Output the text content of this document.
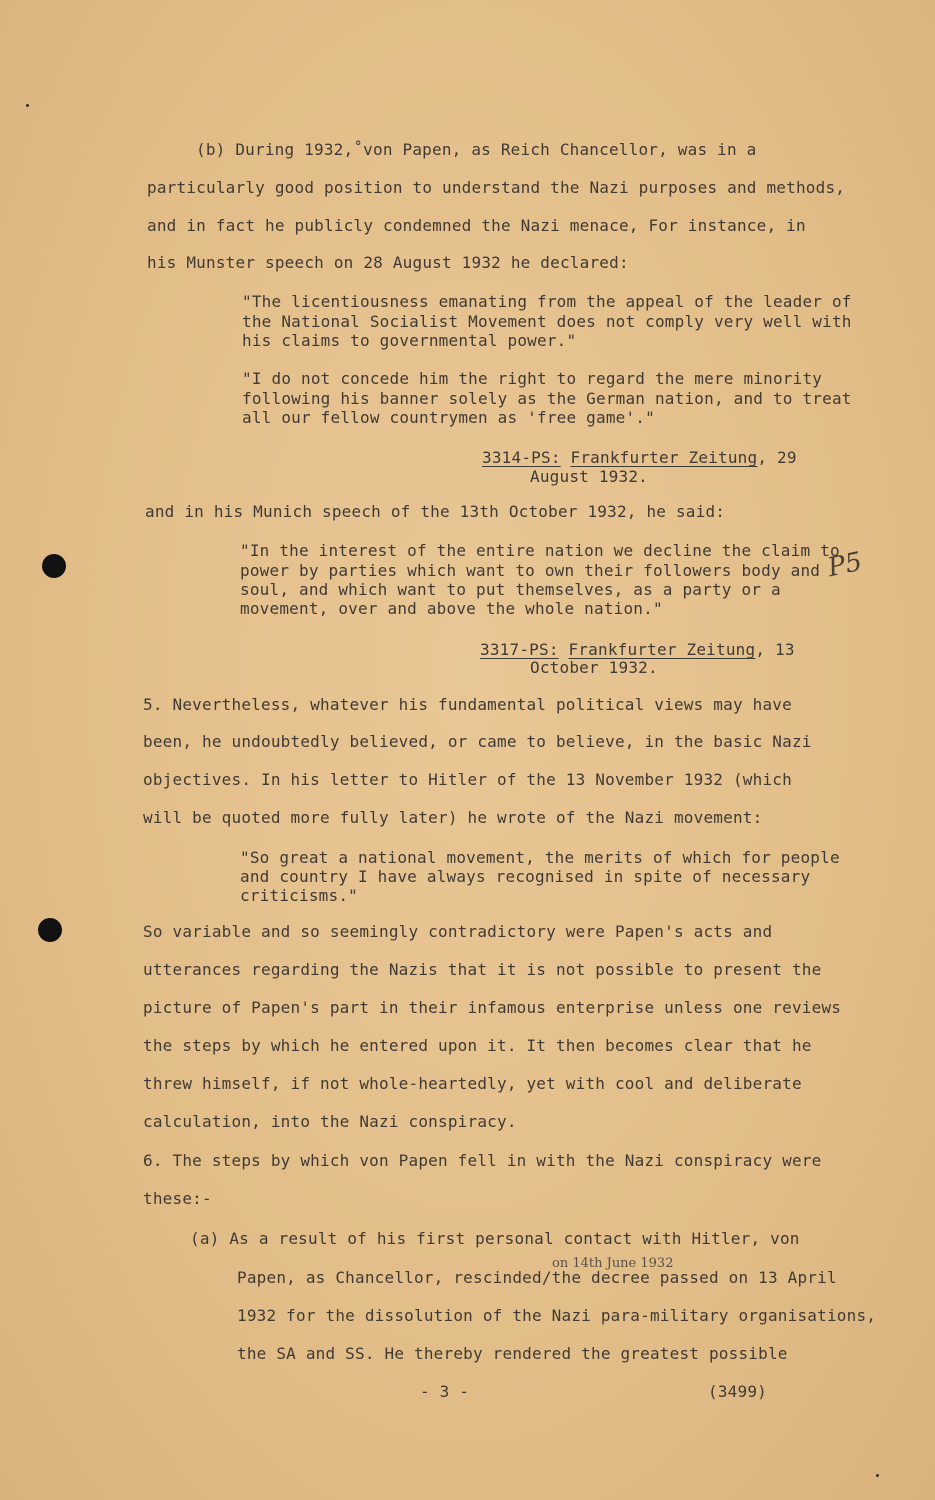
(b) During 1932,˚von Papen, as Reich Chancellor, was in a
particularly good position to understand the Nazi purposes and methods,
and in fact he publicly condemned the Nazi menace, For instance, in
his Munster speech on 28 August 1932 he declared:
"The licentiousness emanating from the appeal of the leader of
the National Socialist Movement does not comply very well with
his claims to governmental power."
"I do not concede him the right to regard the mere minority
following his banner solely as the German nation, and to treat
all our fellow countrymen as 'free game'."
3314-PS: Frankfurter Zeitung, 29
August 1932.
and in his Munich speech of the 13th October 1932, he said:
"In the interest of the entire nation we decline the claim to
power by parties which want to own their followers body and
soul, and which want to put themselves, as a party or a
movement, over and above the whole nation."
P5
3317-PS: Frankfurter Zeitung, 13
October 1932.
5. Nevertheless, whatever his fundamental political views may have
been, he undoubtedly believed, or came to believe, in the basic Nazi
objectives. In his letter to Hitler of the 13 November 1932 (which
will be quoted more fully later) he wrote of the Nazi movement:
"So great a national movement, the merits of which for people
and country I have always recognised in spite of necessary
criticisms."
So variable and so seemingly contradictory were Papen's acts and
utterances regarding the Nazis that it is not possible to present the
picture of Papen's part in their infamous enterprise unless one reviews
the steps by which he entered upon it. It then becomes clear that he
threw himself, if not whole-heartedly, yet with cool and deliberate
calculation, into the Nazi conspiracy.
6. The steps by which von Papen fell in with the Nazi conspiracy were
these:-
(a) As a result of his first personal contact with Hitler, von
on 14th June 1932
Papen, as Chancellor, rescinded/the decree passed on 13 April
1932 for the dissolution of the Nazi para-military organisations,
the SA and SS. He thereby rendered the greatest possible
- 3 -	(3499)
